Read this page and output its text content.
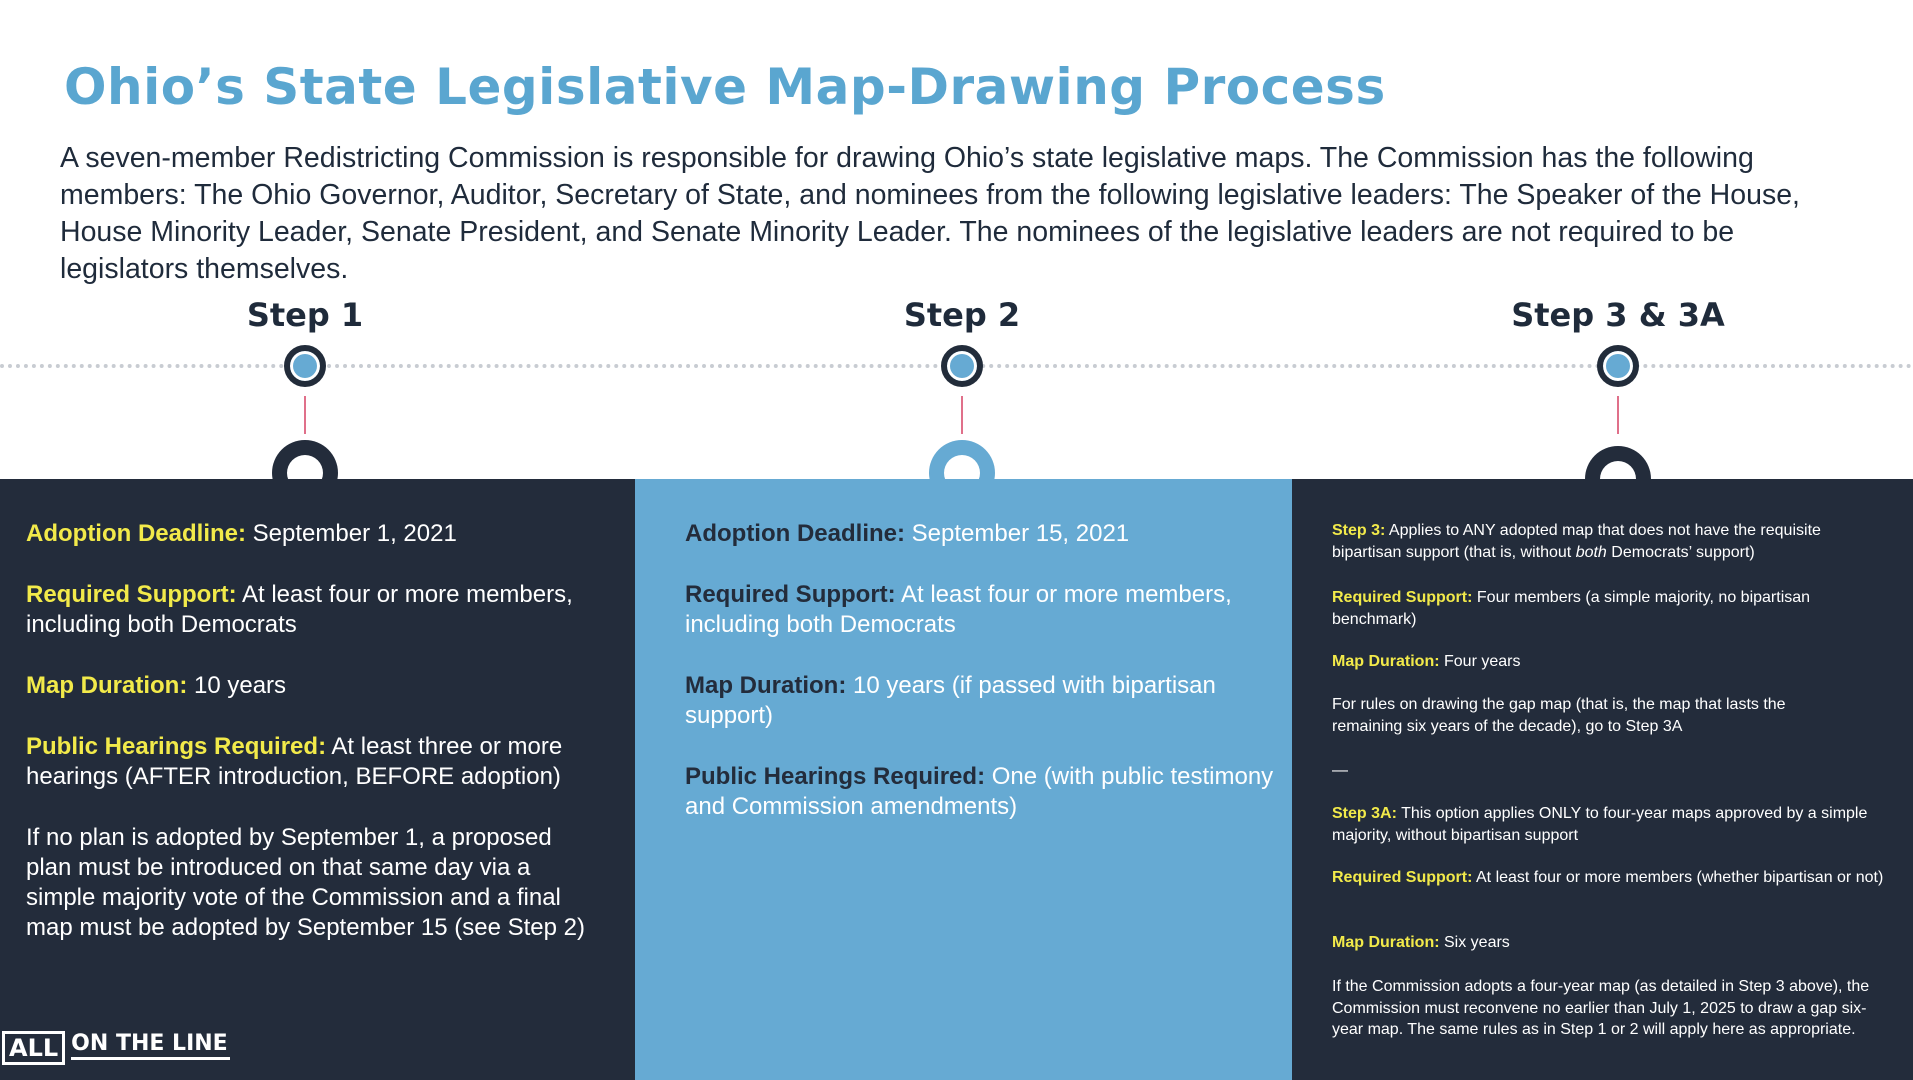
Ohio’s State Legislative Map-Drawing Process

A seven-member Redistricting Commission is responsible for drawing Ohio’s state legislative maps. The Commission has the following members: The Ohio Governor, Auditor, Secretary of State, and nominees from the following legislative leaders: The Speaker of the House, House Minority Leader, Senate President, and Senate Minority Leader. The nominees of the legislative leaders are not required to be legislators themselves.

Step 1	Step 2	Step 3 & 3A

Adoption Deadline: September 1, 2021

Required Support: At least four or more members, including both Democrats

Map Duration: 10 years

Public Hearings Required: At least three or more hearings (AFTER introduction, BEFORE adoption)

If no plan is adopted by September 1, a proposed plan must be introduced on that same day via a simple majority vote of the Commission and a final map must be adopted by September 15 (see Step 2)

Adoption Deadline: September 15, 2021

Required Support: At least four or more members, including both Democrats

Map Duration: 10 years (if passed with bipartisan support)

Public Hearings Required: One (with public testimony and Commission amendments)

Step 3: Applies to ANY adopted map that does not have the requisite bipartisan support (that is, without both Democrats’ support)

Required Support: Four members (a simple majority, no bipartisan benchmark)

Map Duration: Four years

For rules on drawing the gap map (that is, the map that lasts the remaining six years of the decade), go to Step 3A

—

Step 3A: This option applies ONLY to four-year maps approved by a simple majority, without bipartisan support

Required Support: At least four or more members (whether bipartisan or not)

Map Duration: Six years

If the Commission adopts a four-year map (as detailed in Step 3 above), the Commission must reconvene no earlier than July 1, 2025 to draw a gap six-year map. The same rules as in Step 1 or 2 will apply here as appropriate.

ALL ON THE LINE
